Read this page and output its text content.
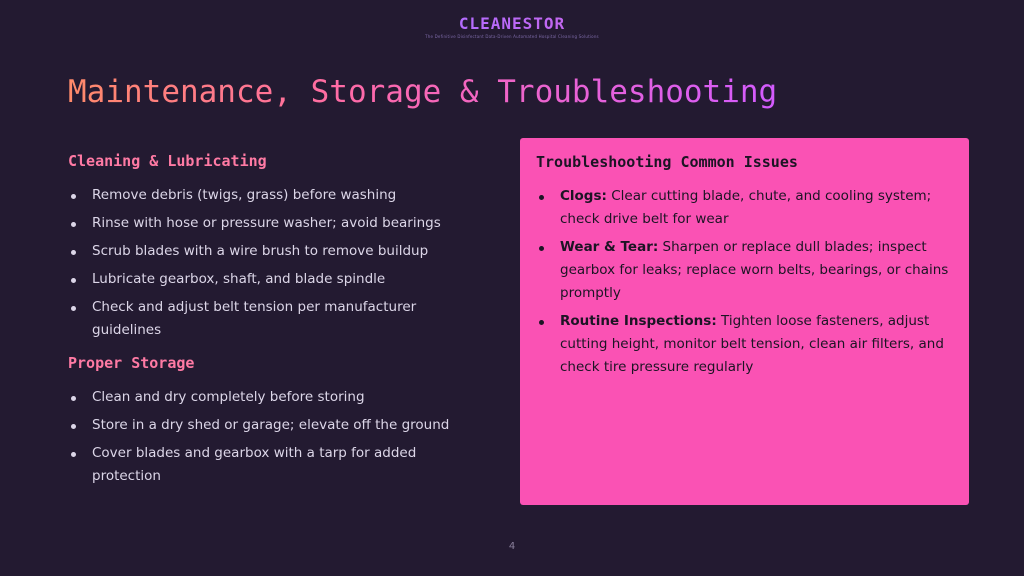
CLEANESTOR
The Definitive Disinfectant Data-Driven Automated Hospital Cleaning Solutions
Maintenance, Storage & Troubleshooting
Cleaning & Lubricating
Remove debris (twigs, grass) before washing
Rinse with hose or pressure washer; avoid bearings
Scrub blades with a wire brush to remove buildup
Lubricate gearbox, shaft, and blade spindle
Check and adjust belt tension per manufacturer guidelines
Proper Storage
Clean and dry completely before storing
Store in a dry shed or garage; elevate off the ground
Cover blades and gearbox with a tarp for added protection
Troubleshooting Common Issues
Clogs: Clear cutting blade, chute, and cooling system; check drive belt for wear
Wear & Tear: Sharpen or replace dull blades; inspect gearbox for leaks; replace worn belts, bearings, or chains promptly
Routine Inspections: Tighten loose fasteners, adjust cutting height, monitor belt tension, clean air filters, and check tire pressure regularly
4
